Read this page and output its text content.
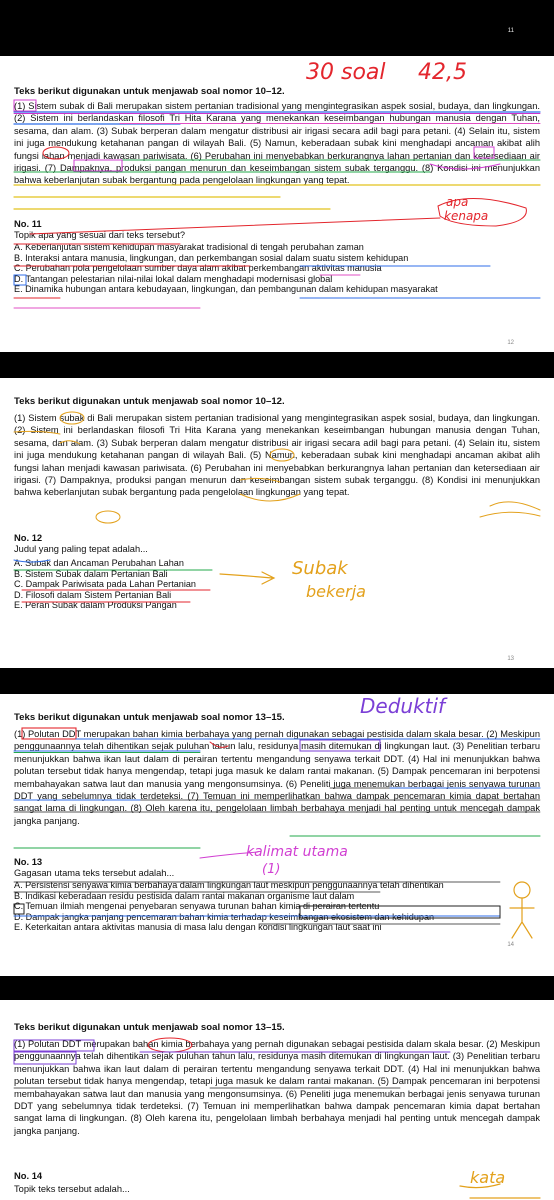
11

Teks berikut digunakan untuk menjawab soal nomor 10–12.

(1) Sistem subak di Bali merupakan sistem pertanian tradisional yang mengintegrasikan aspek sosial, budaya, dan lingkungan. (2) Sistem ini berlandaskan filosofi Tri Hita Karana yang menekankan keseimbangan hubungan manusia dengan Tuhan, sesama, dan alam. (3) Subak berperan dalam mengatur distribusi air irigasi secara adil bagi para petani. (4) Selain itu, sistem ini juga mendukung ketahanan pangan di wilayah Bali. (5) Namun, keberadaan subak kini menghadapi ancaman akibat alih fungsi lahan menjadi kawasan pariwisata. (6) Perubahan ini menyebabkan berkurangnya lahan pertanian dan ketersediaan air irigasi. (7) Dampaknya, produksi pangan menurun dan keseimbangan sistem subak terganggu. (8) Kondisi ini menunjukkan bahwa keberlanjutan subak bergantung pada pengelolaan lingkungan yang tepat.

No. 11
Topik apa yang sesuai dari teks tersebut?
A. Keberlanjutan sistem kehidupan masyarakat tradisional di tengah perubahan zaman
B. Interaksi antara manusia, lingkungan, dan perkembangan sosial dalam suatu sistem kehidupan
C. Perubahan pola pengelolaan sumber daya alam akibat perkembangan aktivitas manusia
D. Tantangan pelestarian nilai-nilai lokal dalam menghadapi modernisasi global
E. Dinamika hubungan antara kebudayaan, lingkungan, dan pembangunan dalam kehidupan masyarakat
12
30 soal 42,5
apa
kenapa

Teks berikut digunakan untuk menjawab soal nomor 10–12.

(1) Sistem subak di Bali merupakan sistem pertanian tradisional yang mengintegrasikan aspek sosial, budaya, dan lingkungan. (2) Sistem ini berlandaskan filosofi Tri Hita Karana yang menekankan keseimbangan hubungan manusia dengan Tuhan, sesama, dan alam. (3) Subak berperan dalam mengatur distribusi air irigasi secara adil bagi para petani. (4) Selain itu, sistem ini juga mendukung ketahanan pangan di wilayah Bali. (5) Namun, keberadaan subak kini menghadapi ancaman akibat alih fungsi lahan menjadi kawasan pariwisata. (6) Perubahan ini menyebabkan berkurangnya lahan pertanian dan ketersediaan air irigasi. (7) Dampaknya, produksi pangan menurun dan keseimbangan sistem subak terganggu. (8) Kondisi ini menunjukkan bahwa keberlanjutan subak bergantung pada pengelolaan lingkungan yang tepat.

No. 12
Judul yang paling tepat adalah...
A. Subak dan Ancaman Perubahan Lahan
B. Sistem Subak dalam Pertanian Bali
C. Dampak Pariwisata pada Lahan Pertanian
D. Filosofi dalam Sistem Pertanian Bali
E. Peran Subak dalam Produksi Pangan
13
Subak
bekerja

Teks berikut digunakan untuk menjawab soal nomor 13–15.

(1) Polutan DDT merupakan bahan kimia berbahaya yang pernah digunakan sebagai pestisida dalam skala besar. (2) Meskipun penggunaannya telah dihentikan sejak puluhan tahun lalu, residunya masih ditemukan di lingkungan laut. (3) Penelitian terbaru menunjukkan bahwa ikan laut dalam di perairan tertentu mengandung senyawa terkait DDT. (4) Hal ini menunjukkan bahwa polutan tersebut tidak hanya mengendap, tetapi juga masuk ke dalam rantai makanan. (5) Dampak pencemaran ini berpotensi membahayakan satwa laut dan manusia yang mengonsumsinya. (6) Peneliti juga menemukan berbagai jenis senyawa turunan DDT yang sebelumnya tidak terdeteksi. (7) Temuan ini memperlihatkan bahwa dampak pencemaran kimia dapat bertahan sangat lama di lingkungan. (8) Oleh karena itu, pengelolaan limbah berbahaya menjadi hal penting untuk mencegah dampak jangka panjang.

No. 13
Gagasan utama teks tersebut adalah...
A. Persistensi senyawa kimia berbahaya dalam lingkungan laut meskipun penggunaannya telah dihentikan
B. Indikasi keberadaan residu pestisida dalam rantai makanan organisme laut dalam
C. Temuan ilmiah mengenai penyebaran senyawa turunan bahan kimia di perairan tertentu
D. Dampak jangka panjang pencemaran bahan kimia terhadap keseimbangan ekosistem dan kehidupan
E. Keterkaitan antara aktivitas manusia di masa lalu dengan kondisi lingkungan laut saat ini
14
Deduktif
kalimat utama
(1)

Teks berikut digunakan untuk menjawab soal nomor 13–15.

(1) Polutan DDT merupakan bahan kimia berbahaya yang pernah digunakan sebagai pestisida dalam skala besar. (2) Meskipun penggunaannya telah dihentikan sejak puluhan tahun lalu, residunya masih ditemukan di lingkungan laut. (3) Penelitian terbaru menunjukkan bahwa ikan laut dalam di perairan tertentu mengandung senyawa terkait DDT. (4) Hal ini menunjukkan bahwa polutan tersebut tidak hanya mengendap, tetapi juga masuk ke dalam rantai makanan. (5) Dampak pencemaran ini berpotensi membahayakan satwa laut dan manusia yang mengonsumsinya. (6) Peneliti juga menemukan berbagai jenis senyawa turunan DDT yang sebelumnya tidak terdeteksi. (7) Temuan ini memperlihatkan bahwa dampak pencemaran kimia dapat bertahan sangat lama di lingkungan. (8) Oleh karena itu, pengelolaan limbah berbahaya menjadi hal penting untuk mencegah dampak jangka panjang.

No. 14
Topik teks tersebut adalah...
kata
